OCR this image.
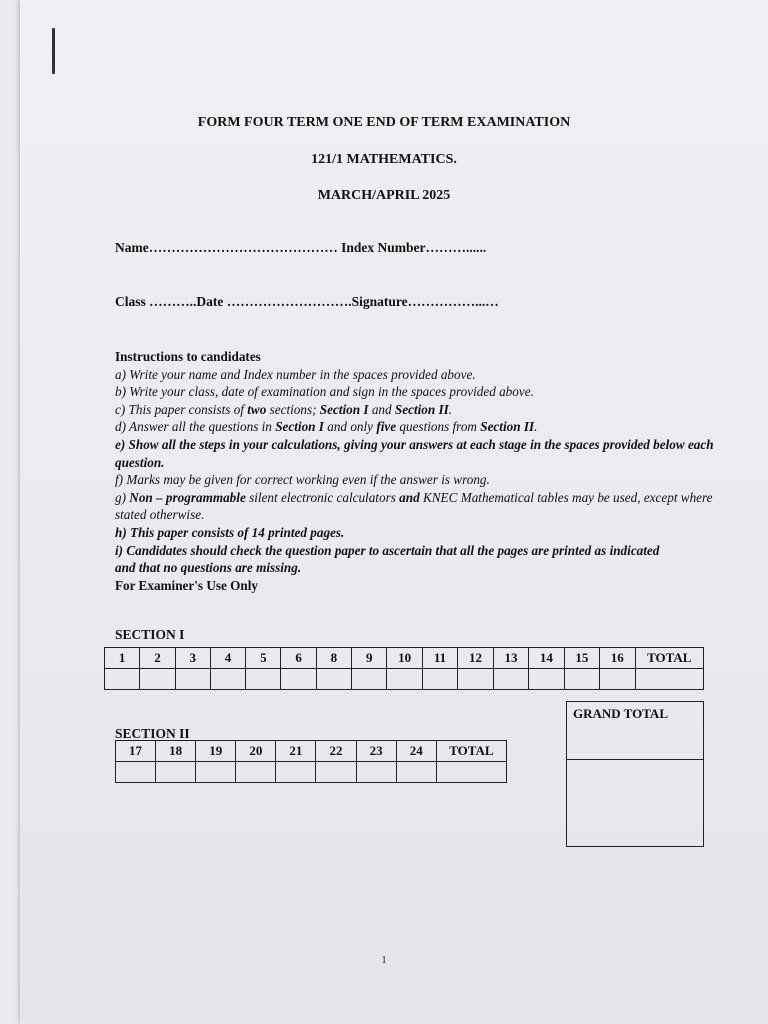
FORM FOUR TERM ONE END OF TERM EXAMINATION
121/1 MATHEMATICS.
MARCH/APRIL 2025
Name…………………………………… Index Number………......
Class ………..Date ……………………….Signature……………...…
Instructions to candidates
a) Write your name and Index number in the spaces provided above.
b) Write your class, date of examination and sign in the spaces provided above.
c) This paper consists of two sections; Section I and Section II.
d) Answer all the questions in Section I and only five questions from Section II.
e) Show all the steps in your calculations, giving your answers at each stage in the spaces provided below each question.
f) Marks may be given for correct working even if the answer is wrong.
g) Non – programmable silent electronic calculators and KNEC Mathematical tables may be used, except where stated otherwise.
h) This paper consists of 14 printed pages.
i) Candidates should check the question paper to ascertain that all the pages are printed as indicated
and that no questions are missing.
For Examiner's Use Only
SECTION I
1	2	3	4	5	6	8	9	10	11	12	13	14	15	16	TOTAL

SECTION II
17	18	19	20	21	22	23	24	TOTAL

GRAND TOTAL
1
